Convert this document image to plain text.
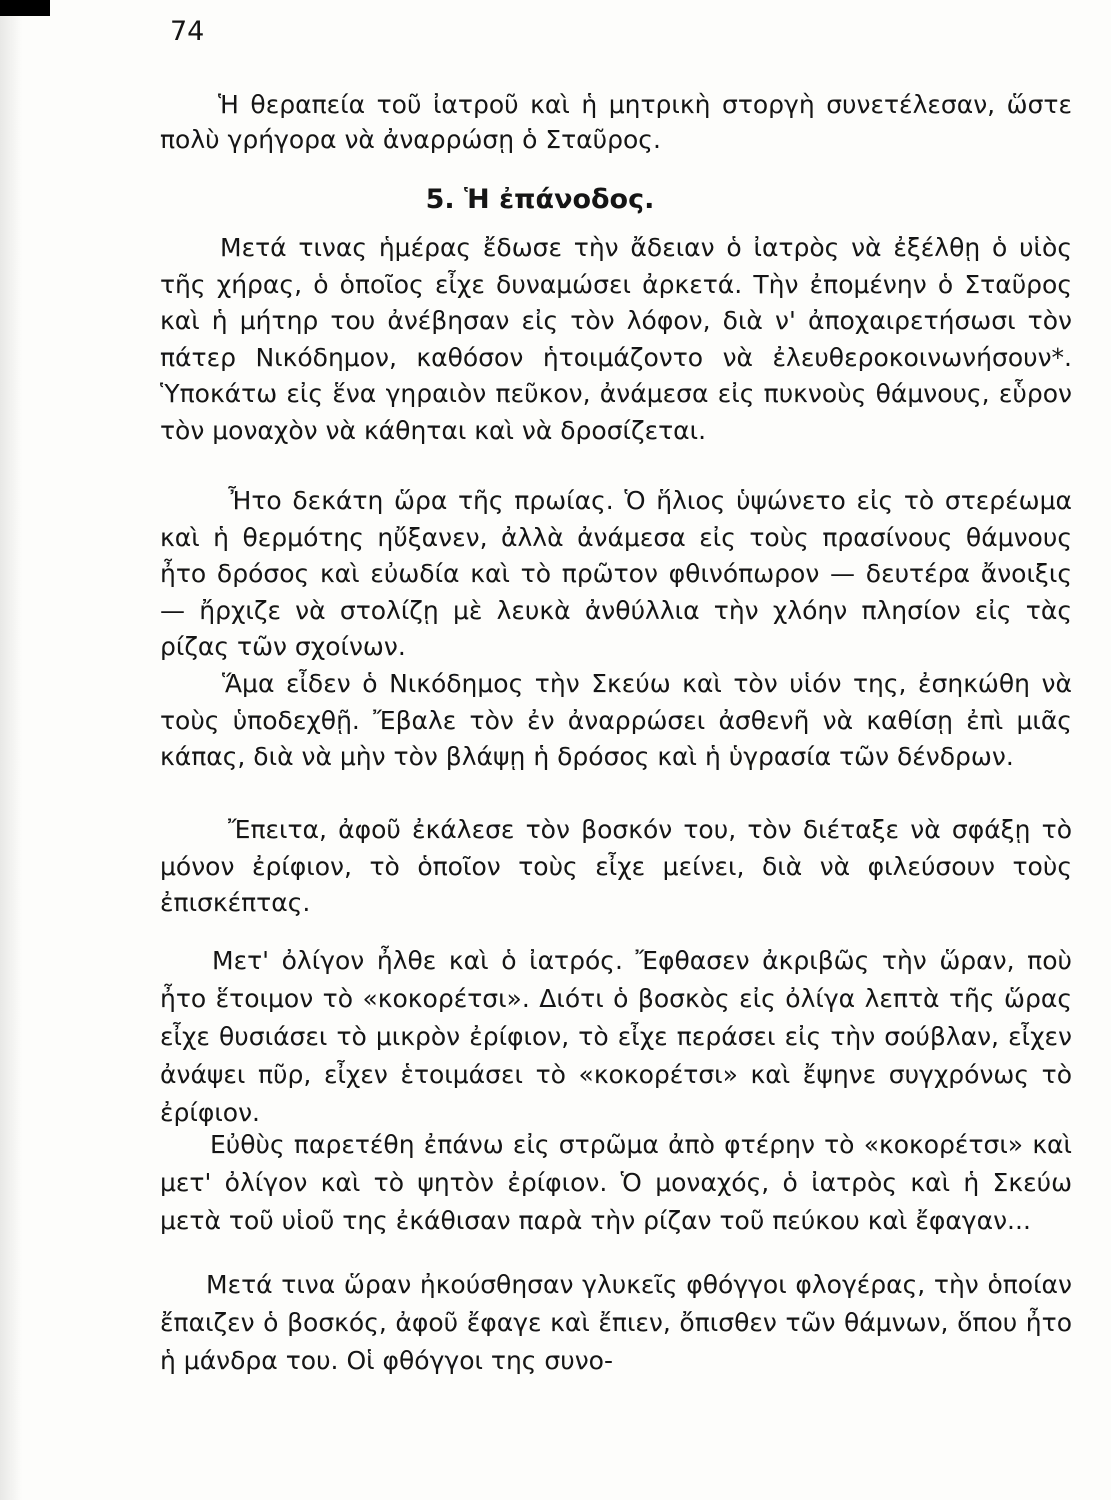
74

Ἡ θεραπεία τοῦ ἰατροῦ καὶ ἡ μητρικὴ στοργὴ συνετέλεσαν, ὥστε πολὺ γρήγορα νὰ ἀναρρώσῃ ὁ Σταῦρος.

5. Ἡ ἐπάνοδος.

Μετά τινας ἡμέρας ἔδωσε τὴν ἄδειαν ὁ ἰατρὸς νὰ ἐξέλθῃ ὁ υἱὸς τῆς χήρας, ὁ ὁποῖος εἶχε δυναμώσει ἀρκετά. Τὴν ἐπομένην ὁ Σταῦρος καὶ ἡ μήτηρ του ἀνέβησαν εἰς τὸν λόφον, διὰ ν' ἀποχαιρετήσωσι τὸν πάτερ Νικόδημον, καθόσον ἡτοιμάζοντο νὰ ἐλευθεροκοινωνήσουν*. Ὑποκάτω εἰς ἕνα γηραιὸν πεῦκον, ἀνάμεσα εἰς πυκνοὺς θάμνους, εὗρον τὸν μοναχὸν νὰ κάθηται καὶ νὰ δροσίζεται.

Ἦτο δεκάτη ὥρα τῆς πρωίας. Ὁ ἥλιος ὑψώνετο εἰς τὸ στερέωμα καὶ ἡ θερμότης ηὔξανεν, ἀλλὰ ἀνάμεσα εἰς τοὺς πρασίνους θάμνους ἦτο δρόσος καὶ εὐωδία καὶ τὸ πρῶτον φθινόπωρον — δευτέρα ἄνοιξις — ἤρχιζε νὰ στολίζῃ μὲ λευκὰ ἀνθύλλια τὴν χλόην πλησίον εἰς τὰς ρίζας τῶν σχοίνων.

Ἅμα εἶδεν ὁ Νικόδημος τὴν Σκεύω καὶ τὸν υἱόν της, ἐσηκώθη νὰ τοὺς ὑποδεχθῇ. Ἔβαλε τὸν ἐν ἀναρρώσει ἀσθενῆ νὰ καθίσῃ ἐπὶ μιᾶς κάπας, διὰ νὰ μὴν τὸν βλάψῃ ἡ δρόσος καὶ ἡ ὑγρασία τῶν δένδρων.

Ἔπειτα, ἀφοῦ ἐκάλεσε τὸν βοσκόν του, τὸν διέταξε νὰ σφάξῃ τὸ μόνον ἐρίφιον, τὸ ὁποῖον τοὺς εἶχε μείνει, διὰ νὰ φιλεύσουν τοὺς ἐπισκέπτας.

Μετ' ὀλίγον ἦλθε καὶ ὁ ἰατρός. Ἔφθασεν ἀκριβῶς τὴν ὥραν, ποὺ ἦτο ἕτοιμον τὸ «κοκορέτσι». Διότι ὁ βοσκὸς εἰς ὀλίγα λεπτὰ τῆς ὥρας εἶχε θυσιάσει τὸ μικρὸν ἐρίφιον, τὸ εἶχε περάσει εἰς τὴν σούβλαν, εἶχεν ἀνάψει πῦρ, εἶχεν ἑτοιμάσει τὸ «κοκορέτσι» καὶ ἔψηνε συγχρόνως τὸ ἐρίφιον.

Εὐθὺς παρετέθη ἐπάνω εἰς στρῶμα ἀπὸ φτέρην τὸ «κοκορέτσι» καὶ μετ' ὀλίγον καὶ τὸ ψητὸν ἐρίφιον. Ὁ μοναχός, ὁ ἰατρὸς καὶ ἡ Σκεύω μετὰ τοῦ υἱοῦ της ἐκάθισαν παρὰ τὴν ρίζαν τοῦ πεύκου καὶ ἔφαγαν...

Μετά τινα ὥραν ἠκούσθησαν γλυκεῖς φθόγγοι φλογέρας, τὴν ὁποίαν ἔπαιζεν ὁ βοσκός, ἀφοῦ ἔφαγε καὶ ἔπιεν, ὄπισθεν τῶν θάμνων, ὅπου ἦτο ἡ μάνδρα του. Οἱ φθόγγοι της συνο-
